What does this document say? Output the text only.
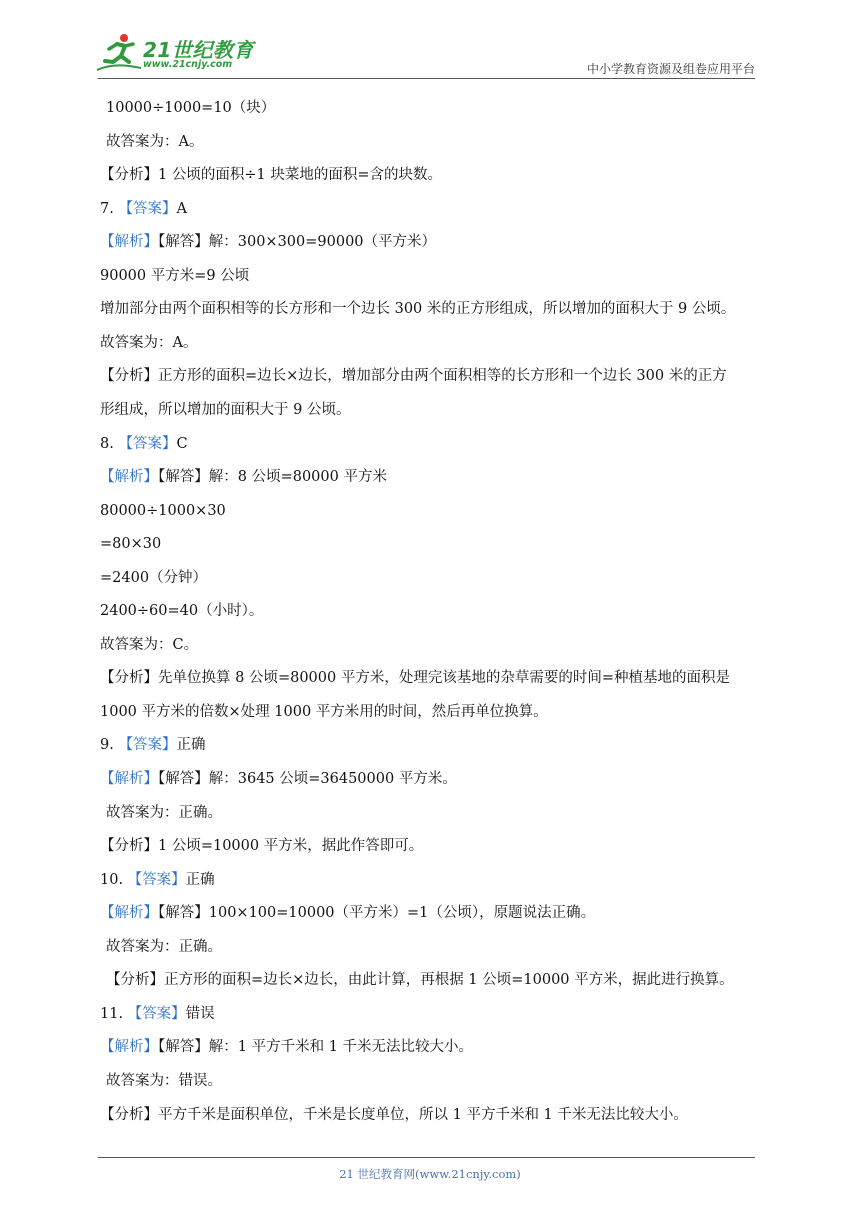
21世纪教育
www.21cnjy.com	中小学教育资源及组卷应用平台
10000÷1000=10（块）
故答案为：A。
【分析】1 公顷的面积÷1 块菜地的面积=含的块数。
7. 【答案】A
【解析】【解答】解：300×300=90000（平方米）
90000 平方米=9 公顷
增加部分由两个面积相等的长方形和一个边长 300 米的正方形组成，所以增加的面积大于 9 公顷。
故答案为：A。
【分析】正方形的面积=边长×边长，增加部分由两个面积相等的长方形和一个边长 300 米的正方
形组成，所以增加的面积大于 9 公顷。
8. 【答案】C
【解析】【解答】解：8 公顷=80000 平方米
80000÷1000×30
=80×30
=2400（分钟）
2400÷60=40（小时）。
故答案为：C。
【分析】先单位换算 8 公顷=80000 平方米，处理完该基地的杂草需要的时间=种植基地的面积是
1000 平方米的倍数×处理 1000 平方米用的时间，然后再单位换算。
9. 【答案】正确
【解析】【解答】解：3645 公顷=36450000 平方米。
故答案为：正确。
【分析】1 公顷=10000 平方米，据此作答即可。
10. 【答案】正确
【解析】【解答】100×100=10000（平方米）=1（公顷），原题说法正确。
故答案为：正确。
【分析】正方形的面积=边长×边长，由此计算，再根据 1 公顷=10000 平方米，据此进行换算。
11. 【答案】错误
【解析】【解答】解：1 平方千米和 1 千米无法比较大小。
故答案为：错误。
【分析】平方千米是面积单位，千米是长度单位，所以 1 平方千米和 1 千米无法比较大小。
21 世纪教育网(www.21cnjy.com)
